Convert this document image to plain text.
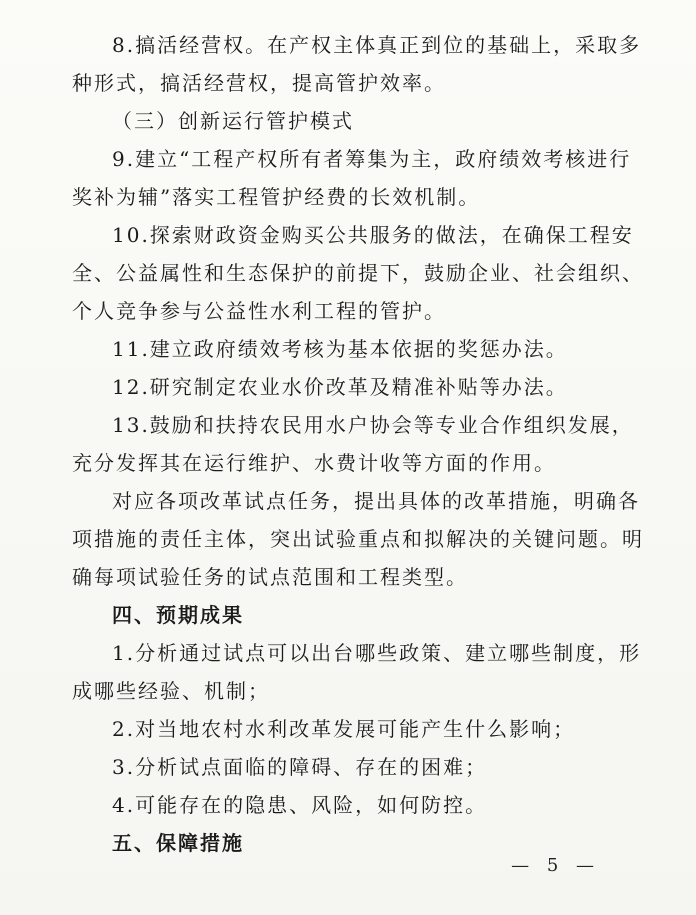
8.搞活经营权。在产权主体真正到位的基础上，采取多种形式，搞活经营权，提高管护效率。

（三）创新运行管护模式

9.建立“工程产权所有者筹集为主，政府绩效考核进行奖补为辅”落实工程管护经费的长效机制。

10.探索财政资金购买公共服务的做法，在确保工程安全、公益属性和生态保护的前提下，鼓励企业、社会组织、个人竞争参与公益性水利工程的管护。

11.建立政府绩效考核为基本依据的奖惩办法。

12.研究制定农业水价改革及精准补贴等办法。

13.鼓励和扶持农民用水户协会等专业合作组织发展，充分发挥其在运行维护、水费计收等方面的作用。

对应各项改革试点任务，提出具体的改革措施，明确各项措施的责任主体，突出试验重点和拟解决的关键问题。明确每项试验任务的试点范围和工程类型。

四、预期成果

1.分析通过试点可以出台哪些政策、建立哪些制度，形成哪些经验、机制；

2.对当地农村水利改革发展可能产生什么影响；

3.分析试点面临的障碍、存在的困难；

4.可能存在的隐患、风险，如何防控。

五、保障措施

— 5 —
